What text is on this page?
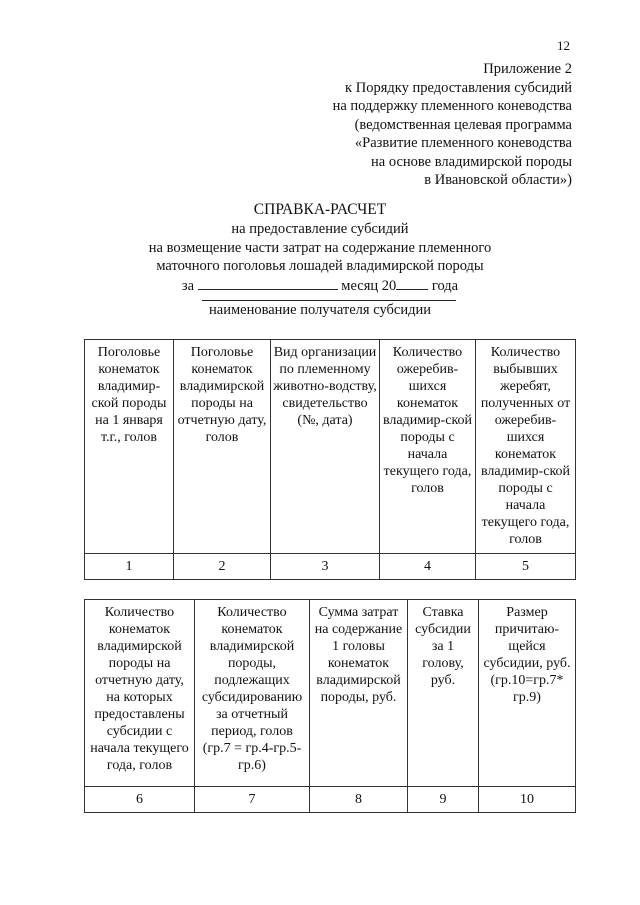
12
Приложение 2
к Порядку предоставления субсидий
на поддержку племенного коневодства
(ведомственная целевая программа
«Развитие племенного коневодства
на основе владимирской породы
в Ивановской области»)
СПРАВКА-РАСЧЕТ
на предоставление субсидий
на возмещение части затрат на содержание племенного
маточного поголовья лошадей владимирской породы
за	месяц 20 года
наименование получателя субсидии
Поголовье конематок владимир-ской породы на 1 января т.г., голов	Поголовье конематок владимирской породы на отчетную дату, голов	Вид организации по племенному животно-водству, свидетельство (№, дата)	Количество ожеребив-шихся конематок владимир-ской породы с начала текущего года, голов	Количество выбывших жеребят, полученных от ожеребив-шихся конематок владимир-ской породы с начала текущего года, голов
1	2	3	4	5
Количество конематок владимирской породы на отчетную дату, на которых предоставлены субсидии с начала текущего года, голов	Количество конематок владимирской породы, подлежащих субсидированию за отчетный период, голов (гр.7 = гр.4-гр.5-гр.6)	Сумма затрат на содержание 1 головы конематок владимирской породы, руб.	Ставка субсидии за 1 голову, руб.	Размер причитаю-щейся субсидии, руб. (гр.10=гр.7* гр.9)
6	7	8	9	10
